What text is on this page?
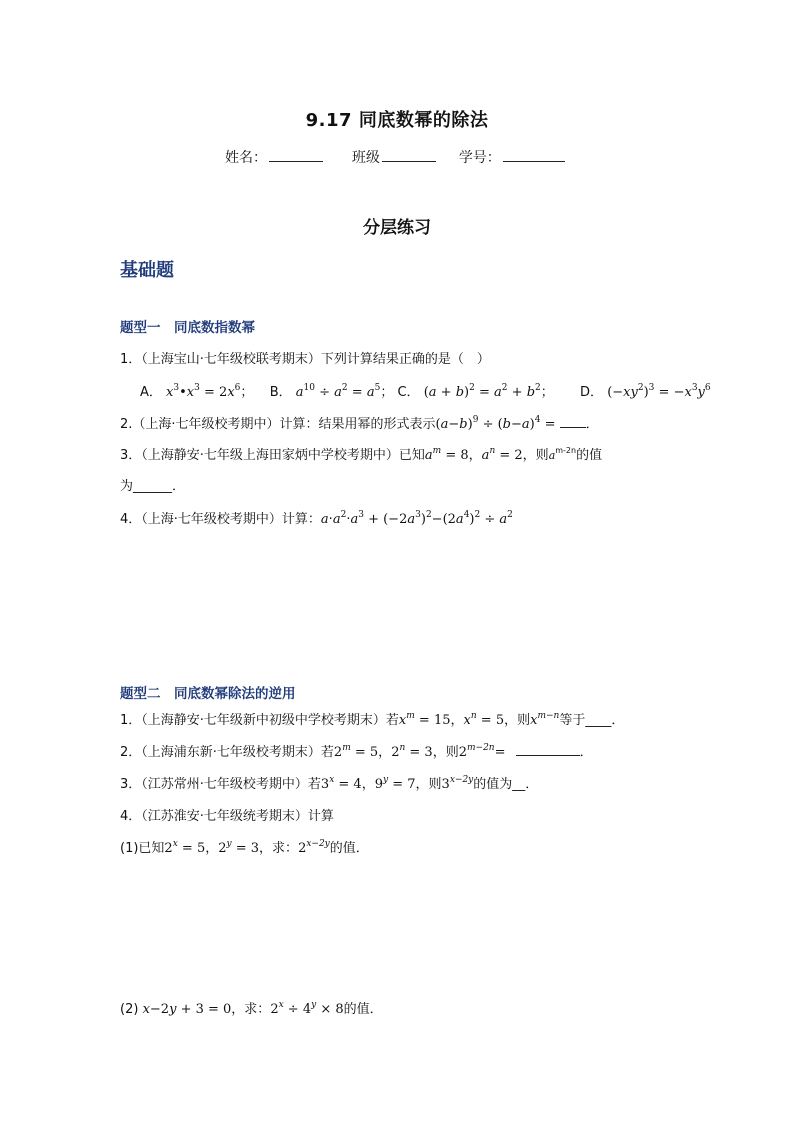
9.17 同底数幂的除法
姓名：	班级	学号：
分层练习
基础题
题型一　同底数指数幂
1．（上海宝山·七年级校联考期末）下列计算结果正确的是（　）
A． $x^3•x^3 = 2x^6$； B． $a^{10} \div a^2 = a^5$； C． $(a + b)^2 = a^2 + b^2$； D． $(-xy^2)^3 = -x^3y^6$
2.（上海·七年级校考期中）计算：结果用幂的形式表示$(a-b)^9 \div (b-a)^4$ = ．
3．（上海静安·七年级上海田家炳中学校考期中）已知$a^m = 8$，$a^n = 2$，则$a^{m-2n}$的值
为______．
4．（上海·七年级校考期中）计算：$a\cdot a^2\cdot a^3 + (-2a^3)^2-(2a^4)^2 \div a^2$
题型二　同底数幂除法的逆用
1．（上海静安·七年级新中初级中学校考期末）若$x^m = 15$，$x^n = 5$，则$x^{m-n}$等于____．
2．（上海浦东新·七年级校考期末）若$2^m = 5$，$2^n = 3$，则$2^{m-2n}=$	．
3．（江苏常州·七年级校考期中）若$3^x = 4$，$9^y = 7$，则$3^{x-2y}$的值为__．
4．（江苏淮安·七年级统考期末）计算
(1)已知$2^x = 5$，$2^y = 3$，求：$2^{x-2y}$的值．
(2) x−2y + 3 = 0，求：$2^x \div 4^y \times 8$的值．
